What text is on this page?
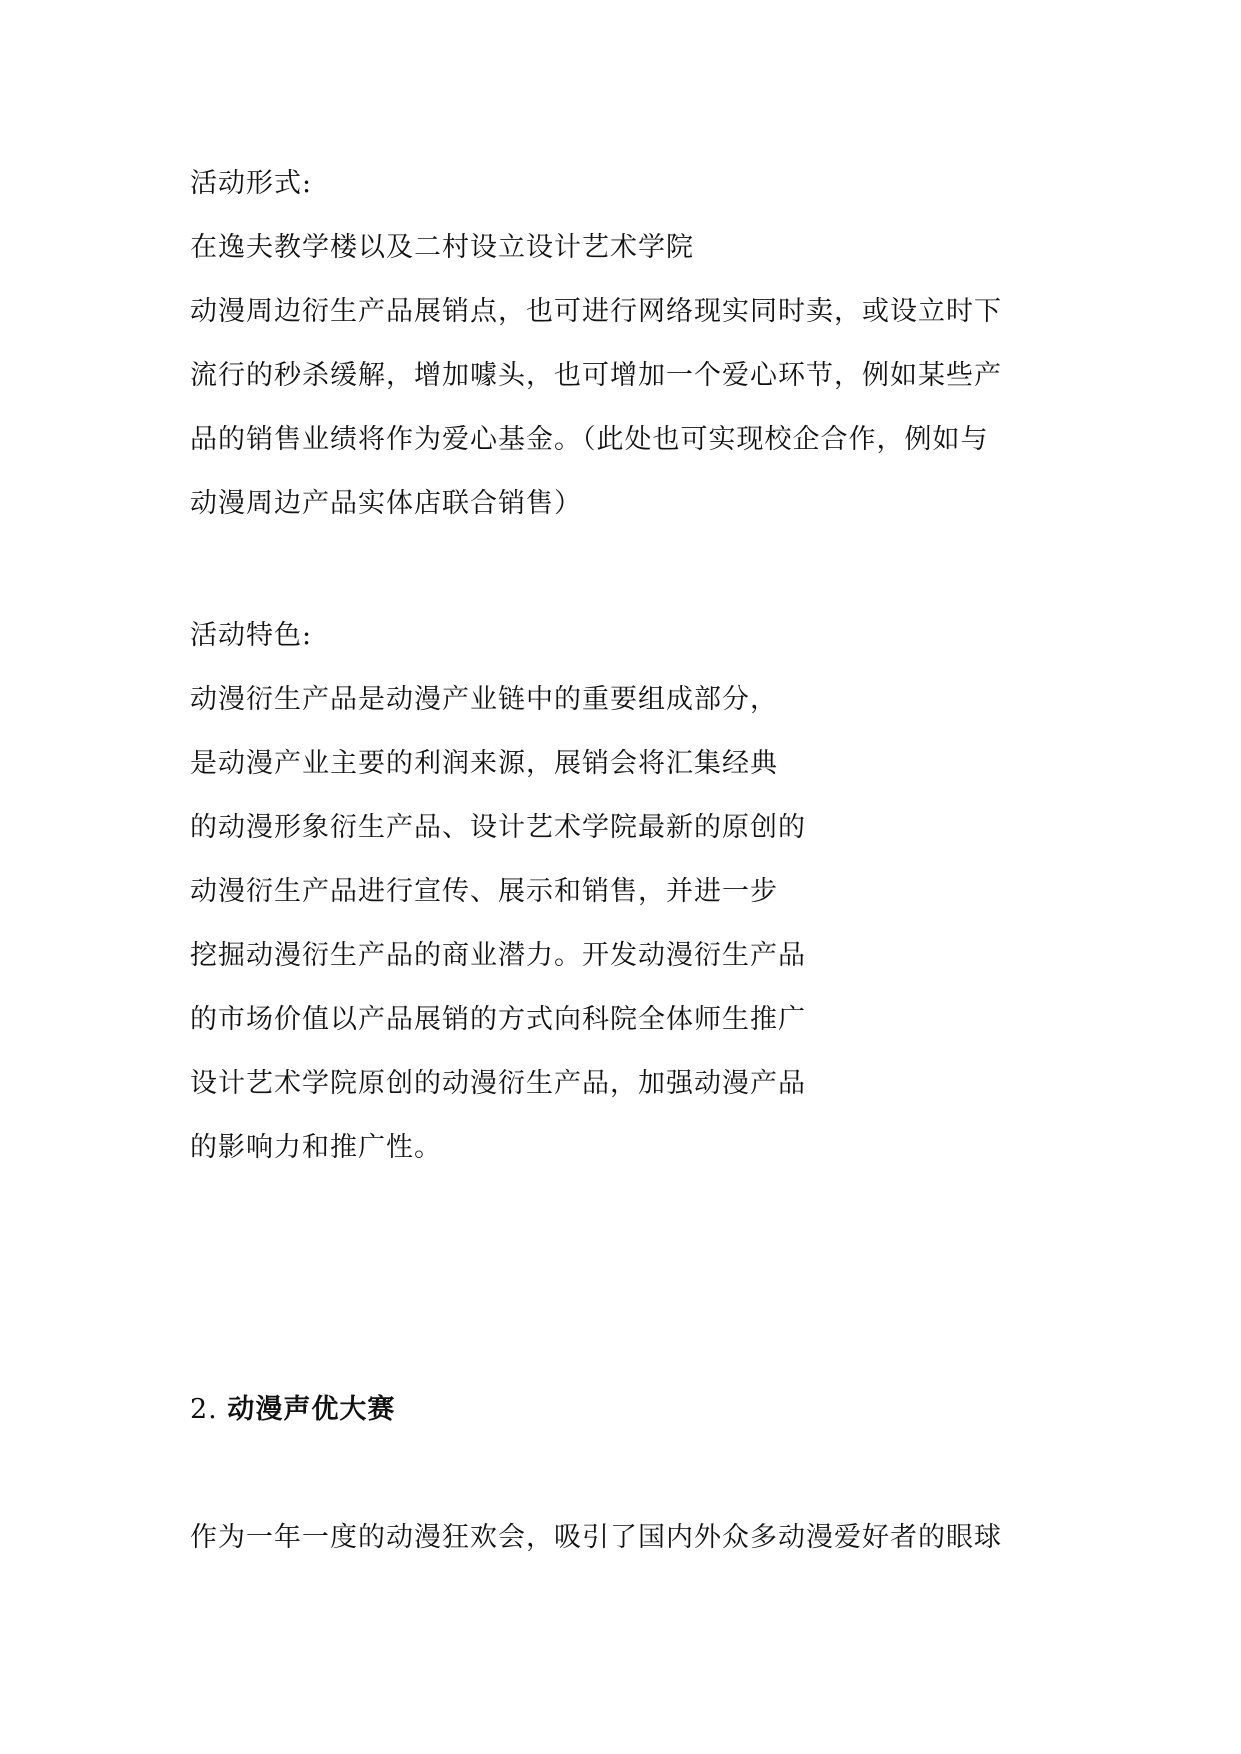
活动形式:
在逸夫教学楼以及二村设立设计艺术学院
动漫周边衍生产品展销点，也可进行网络现实同时卖，或设立时下
流行的秒杀缓解，增加噱头，也可增加一个爱心环节，例如某些产
品的销售业绩将作为爱心基金。（此处也可实现校企合作，例如与
动漫周边产品实体店联合销售）
活动特色:
动漫衍生产品是动漫产业链中的重要组成部分，
是动漫产业主要的利润来源，展销会将汇集经典
的动漫形象衍生产品、设计艺术学院最新的原创的
动漫衍生产品进行宣传、展示和销售，并进一步
挖掘动漫衍生产品的商业潜力。开发动漫衍生产品
的市场价值以产品展销的方式向科院全体师生推广
设计艺术学院原创的动漫衍生产品，加强动漫产品
的影响力和推广性。
2. 动漫声优大赛
作为一年一度的动漫狂欢会，吸引了国内外众多动漫爱好者的眼球
